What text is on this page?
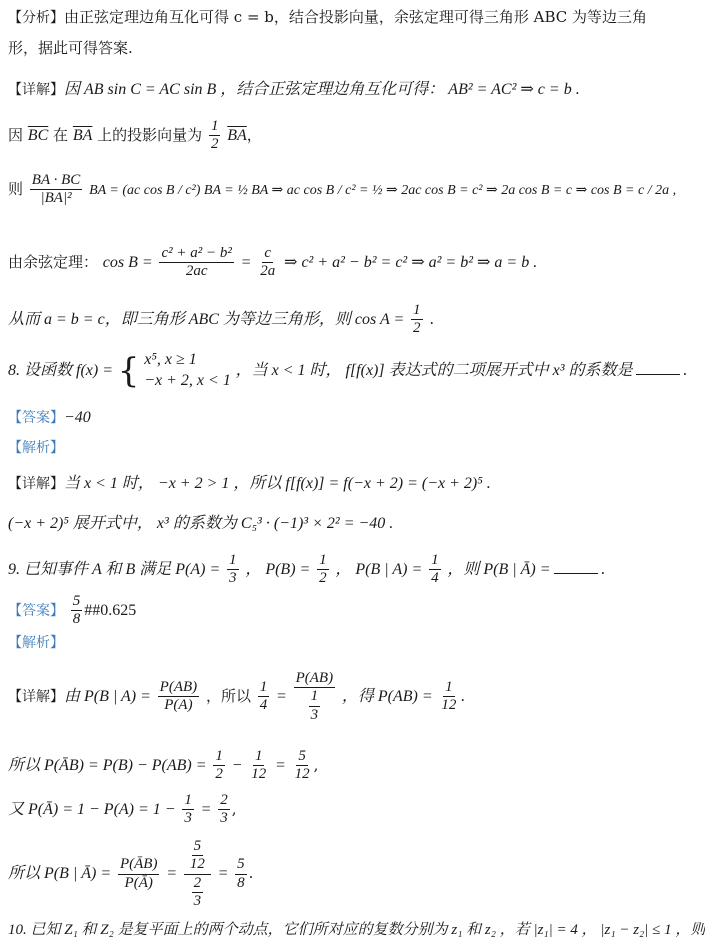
【分析】由正弦定理边角互化可得 c = b，结合投影向量，余弦定理可得三角形 ABC 为等边三角形，据此可得答案.
【详解】因 AB sin C = AC sin B ，结合正弦定理边角互化可得： AB² = AC² ⇒ c = b .
因 $\overline{BC}$ 在 $\overline{BA}$ 上的投影向量为 $\frac{1}{2} \overline{BA}$，
则 $\frac{BA \cdot BC}{\text{|BA|²}}$ BA = (ac cos B / c²) BA = ½ BA ⇒ ac cos B / c² = ½ ⇒ 2ac cos B = c² ⇒ 2a cos B = c ⇒ cos B = c / 2a ,
由余弦定理： $\cos B = \frac{\text{c² + a² − b²}}{2ac} = \frac{c}{2a}$ ⇒ c² + a² − b² = c² ⇒ a² = b² ⇒ a = b .
从而 a = b = c，即三角形 ABC 为等边三角形，则 $\cos A = \frac{1}{2}$ .
8. 设函数 f(x) = { x⁵, x ≥ 1
−x + 2, x < 1
，当 x < 1 时， f[f(x)] 表达式的二项展开式中 x³ 的系数是	.
【答案】−40
【解析】
【详解】当 x < 1 时， −x + 2 > 1 ，所以 f[f(x)] = f(−x + 2) = (−x + 2)⁵ .
(−x + 2)⁵ 展开式中， x³ 的系数为 C₅³ · (−1)³ × 2² = −40 .
9. 已知事件 A 和 B 满足 $P(A) = \frac{1}{3}$ ， $P(B) = \frac{1}{2}$ ， P(B | $A) = \frac{1}{4}$ ，则 P(B | Ā) =	.
【答案】 $\frac{5}{8}$ ##0.625
【解析】
【详解】由 P(B | $A) = \frac{P(AB)}{P(A)}$ ，所以 $\frac{1}{4} = \frac{P(AB)}{\frac{1}{3}}$ ，得 $P(AB) = \frac{1}{12}$ .
所以 P(ĀB) = $P(B) - P(AB) = \frac{1}{2} - \frac{1}{12} = \frac{5}{12}$ ,
又 P(Ā) = $1 - P(A) = 1 - \frac{1}{3} = \frac{2}{3}$ ,
所以 P(B | Ā) = $\frac{P(ĀB)}{P(Ā)} = \frac{\frac{5}{12}}{\frac{2}{3}} = \frac{5}{8}$ .
10. 已知 Z₁ 和 Z₂ 是复平面上的两个动点，它们所对应的复数分别为 z₁ 和 z₂ ，若 |z₁| = 4 ， |z₁ − z₂| ≤ 1 ，则
